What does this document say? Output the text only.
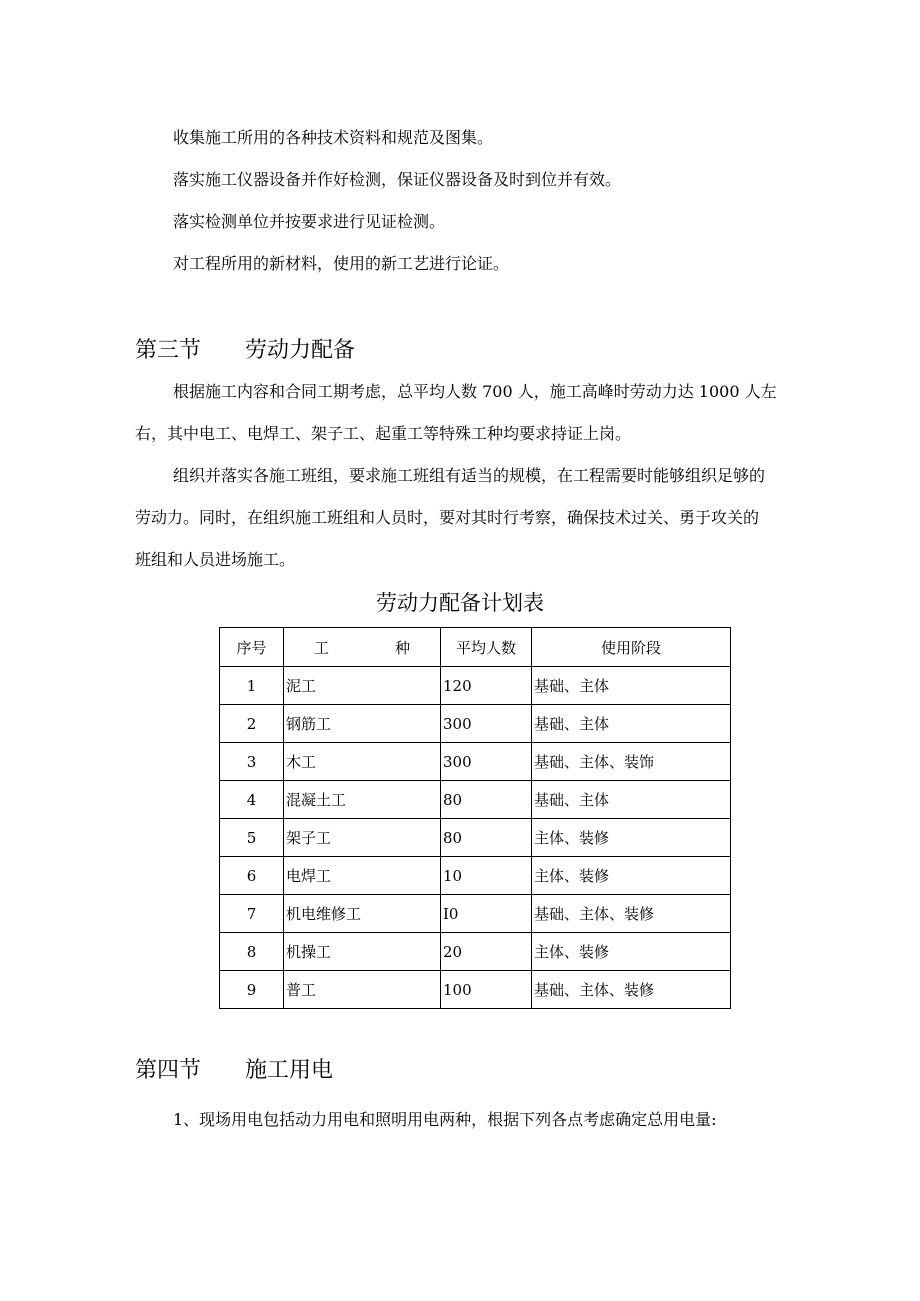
收集施工所用的各种技术资料和规范及图集。
落实施工仪器设备并作好检测，保证仪器设备及时到位并有效。
落实检测单位并按要求进行见证检测。
对工程所用的新材料，使用的新工艺进行论证。
第三节 劳动力配备
根据施工内容和合同工期考虑，总平均人数 700 人，施工高峰时劳动力达 1000 人左
右，其中电工、电焊工、架子工、起重工等特殊工种均要求持证上岗。
组织并落实各施工班组，要求施工班组有适当的规模，在工程需要时能够组织足够的
劳动力。同时，在组织施工班组和人员时，要对其时行考察，确保技术过关、勇于攻关的
班组和人员进场施工。
劳动力配备计划表
序号	工 种	平均人数	使用阶段
1	泥工	120	基础、主体
2	钢筋工	300	基础、主体
3	木工	300	基础、主体、装饰
4	混凝土工	80	基础、主体
5	架子工	80	主体、装修
6	电焊工	10	主体、装修
7	机电维修工	I0	基础、主体、装修
8	机操工	20	主体、装修
9	普工	100	基础、主体、装修
第四节 施工用电
1、现场用电包括动力用电和照明用电两种，根据下列各点考虑确定总用电量:
